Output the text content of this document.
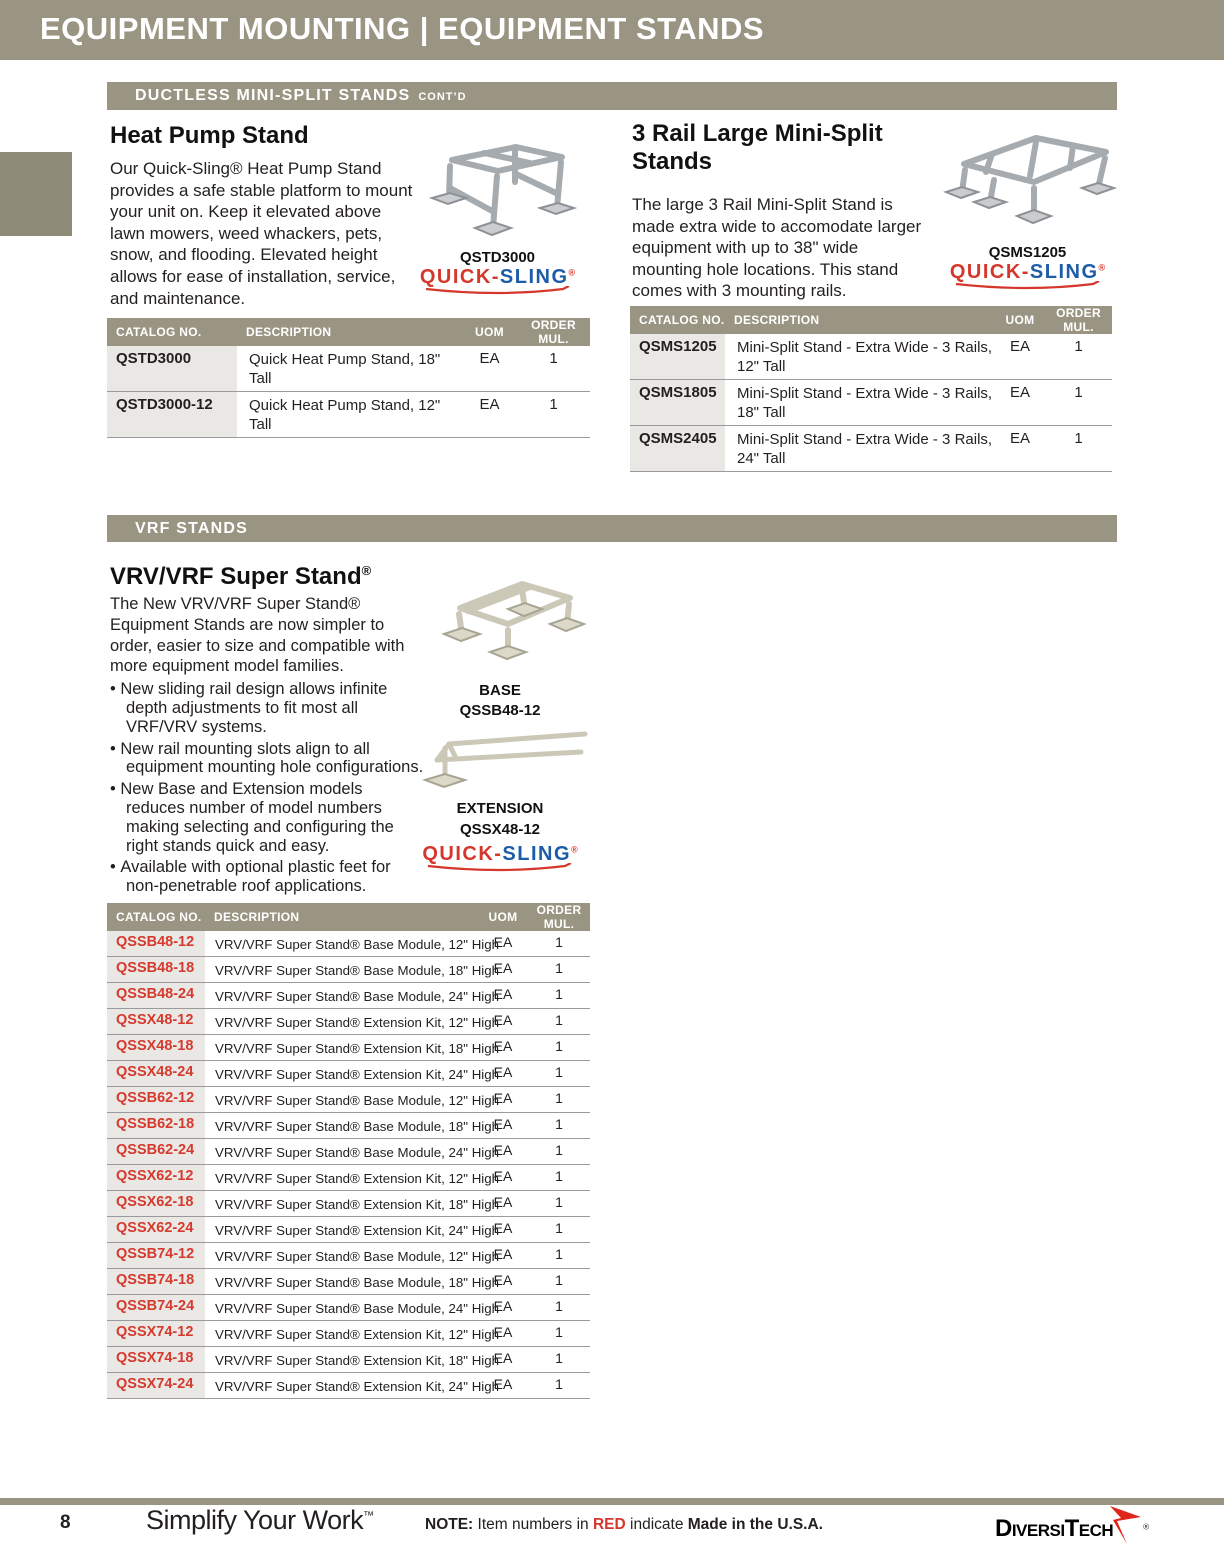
EQUIPMENT MOUNTING | EQUIPMENT STANDS
DUCTLESS MINI-SPLIT STANDS CONT’D
Heat Pump Stand

Our Quick-Sling® Heat Pump Stand provides a safe stable platform to mount your unit on. Keep it elevated above lawn mowers, weed whackers, pets, snow, and flooding. Elevated height allows for ease of installation, service, and maintenance.

QSTD3000
QUICK-SLING®
CATALOG NO.	DESCRIPTION	UOM	ORDER MUL.
QSTD3000	Quick Heat Pump Stand, 18" Tall	EA	1
QSTD3000-12	Quick Heat Pump Stand, 12" Tall	EA	1
3 Rail Large Mini-Split Stands

The large 3 Rail Mini-Split Stand is made extra wide to accomodate larger equipment with up to 38" wide mounting hole locations. This stand comes with 3 mounting rails.

QSMS1205
QUICK-SLING®
CATALOG NO.	DESCRIPTION	UOM	ORDER MUL.
QSMS1205	Mini-Split Stand - Extra Wide - 3 Rails, 12" Tall	EA	1
QSMS1805	Mini-Split Stand - Extra Wide - 3 Rails, 18" Tall	EA	1
QSMS2405	Mini-Split Stand - Extra Wide - 3 Rails, 24" Tall	EA	1
VRF STANDS
VRV/VRF Super Stand®

The New VRV/VRF Super Stand® Equipment Stands are now simpler to order, easier to size and compatible with more equipment model families.

• New sliding rail design allows infinite depth adjustments to fit most all VRF/VRV systems.
• New rail mounting slots align to all equipment mounting hole configurations.
• New Base and Extension models reduces number of model numbers making selecting and configuring the right stands quick and easy.
• Available with optional plastic feet for non-penetrable roof applications.
BASE
QSSB48-12
EXTENSION
QSSX48-12
QUICK-SLING®
CATALOG NO.	DESCRIPTION	UOM	ORDER MUL.
QSSB48-12	VRV/VRF Super Stand® Base Module, 12" High	EA	1
QSSB48-18	VRV/VRF Super Stand® Base Module, 18" High	EA	1
QSSB48-24	VRV/VRF Super Stand® Base Module, 24" High	EA	1
QSSX48-12	VRV/VRF Super Stand® Extension Kit, 12" High	EA	1
QSSX48-18	VRV/VRF Super Stand® Extension Kit, 18" High	EA	1
QSSX48-24	VRV/VRF Super Stand® Extension Kit, 24" High	EA	1
QSSB62-12	VRV/VRF Super Stand® Base Module, 12" High	EA	1
QSSB62-18	VRV/VRF Super Stand® Base Module, 18" High	EA	1
QSSB62-24	VRV/VRF Super Stand® Base Module, 24" High	EA	1
QSSX62-12	VRV/VRF Super Stand® Extension Kit, 12" High	EA	1
QSSX62-18	VRV/VRF Super Stand® Extension Kit, 18" High	EA	1
QSSX62-24	VRV/VRF Super Stand® Extension Kit, 24" High	EA	1
QSSB74-12	VRV/VRF Super Stand® Base Module, 12" High	EA	1
QSSB74-18	VRV/VRF Super Stand® Base Module, 18" High	EA	1
QSSB74-24	VRV/VRF Super Stand® Base Module, 24" High	EA	1
QSSX74-12	VRV/VRF Super Stand® Extension Kit, 12" High	EA	1
QSSX74-18	VRV/VRF Super Stand® Extension Kit, 18" High	EA	1
QSSX74-24	VRV/VRF Super Stand® Extension Kit, 24" High	EA	1
8	Simplify Your Work™	NOTE: Item numbers in RED indicate Made in the U.S.A.	DiversiTech	®
